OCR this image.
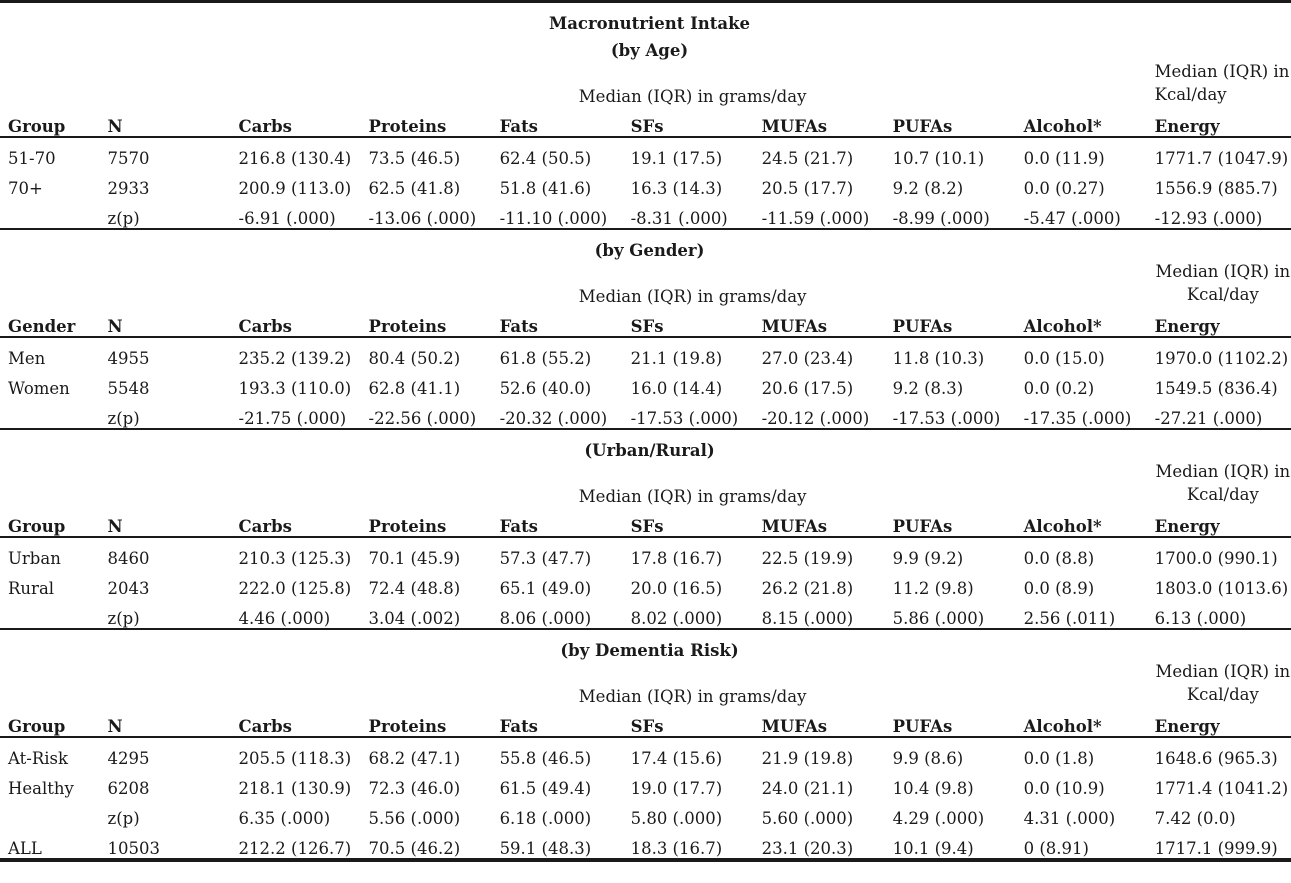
Macronutrient Intake									
(by Age)									
		Median (IQR) in grams/day							Median (IQR) in Kcal/day
Group	N	Carbs	Proteins	Fats	SFs	MUFAs	PUFAs	Alcohol*	Energy
51-70	7570	216.8 (130.4)	73.5 (46.5)	62.4 (50.5)	19.1 (17.5)	24.5 (21.7)	10.7 (10.1)	0.0 (11.9)	1771.7 (1047.9)
70+	2933	200.9 (113.0)	62.5 (41.8)	51.8 (41.6)	16.3 (14.3)	20.5 (17.7)	9.2 (8.2)	0.0 (0.27)	1556.9 (885.7)
	z(p)	-6.91 (.000)	-13.06 (.000)	-11.10 (.000)	-8.31 (.000)	-11.59 (.000)	-8.99 (.000)	-5.47 (.000)	-12.93 (.000)
(by Gender)									
		Median (IQR) in grams/day							Median (IQR) in Kcal/day
Gender	N	Carbs	Proteins	Fats	SFs	MUFAs	PUFAs	Alcohol*	Energy
Men	4955	235.2 (139.2)	80.4 (50.2)	61.8 (55.2)	21.1 (19.8)	27.0 (23.4)	11.8 (10.3)	0.0 (15.0)	1970.0 (1102.2)
Women	5548	193.3 (110.0)	62.8 (41.1)	52.6 (40.0)	16.0 (14.4)	20.6 (17.5)	9.2 (8.3)	0.0 (0.2)	1549.5 (836.4)
	z(p)	-21.75 (.000)	-22.56 (.000)	-20.32 (.000)	-17.53 (.000)	-20.12 (.000)	-17.53 (.000)	-17.35 (.000)	-27.21 (.000)
(Urban/Rural)									
		Median (IQR) in grams/day							Median (IQR) in Kcal/day
Group	N	Carbs	Proteins	Fats	SFs	MUFAs	PUFAs	Alcohol*	Energy
Urban	8460	210.3 (125.3)	70.1 (45.9)	57.3 (47.7)	17.8 (16.7)	22.5 (19.9)	9.9 (9.2)	0.0 (8.8)	1700.0 (990.1)
Rural	2043	222.0 (125.8)	72.4 (48.8)	65.1 (49.0)	20.0 (16.5)	26.2 (21.8)	11.2 (9.8)	0.0 (8.9)	1803.0 (1013.6)
	z(p)	4.46 (.000)	3.04 (.002)	8.06 (.000)	8.02 (.000)	8.15 (.000)	5.86 (.000)	2.56 (.011)	6.13 (.000)
(by Dementia Risk)									
		Median (IQR) in grams/day							Median (IQR) in Kcal/day
Group	N	Carbs	Proteins	Fats	SFs	MUFAs	PUFAs	Alcohol*	Energy
At-Risk	4295	205.5 (118.3)	68.2 (47.1)	55.8 (46.5)	17.4 (15.6)	21.9 (19.8)	9.9 (8.6)	0.0 (1.8)	1648.6 (965.3)
Healthy	6208	218.1 (130.9)	72.3 (46.0)	61.5 (49.4)	19.0 (17.7)	24.0 (21.1)	10.4 (9.8)	0.0 (10.9)	1771.4 (1041.2)
	z(p)	6.35 (.000)	5.56 (.000)	6.18 (.000)	5.80 (.000)	5.60 (.000)	4.29 (.000)	4.31 (.000)	7.42 (0.0)
ALL	10503	212.2 (126.7)	70.5 (46.2)	59.1 (48.3)	18.3 (16.7)	23.1 (20.3)	10.1 (9.4)	0 (8.91)	1717.1 (999.9)
